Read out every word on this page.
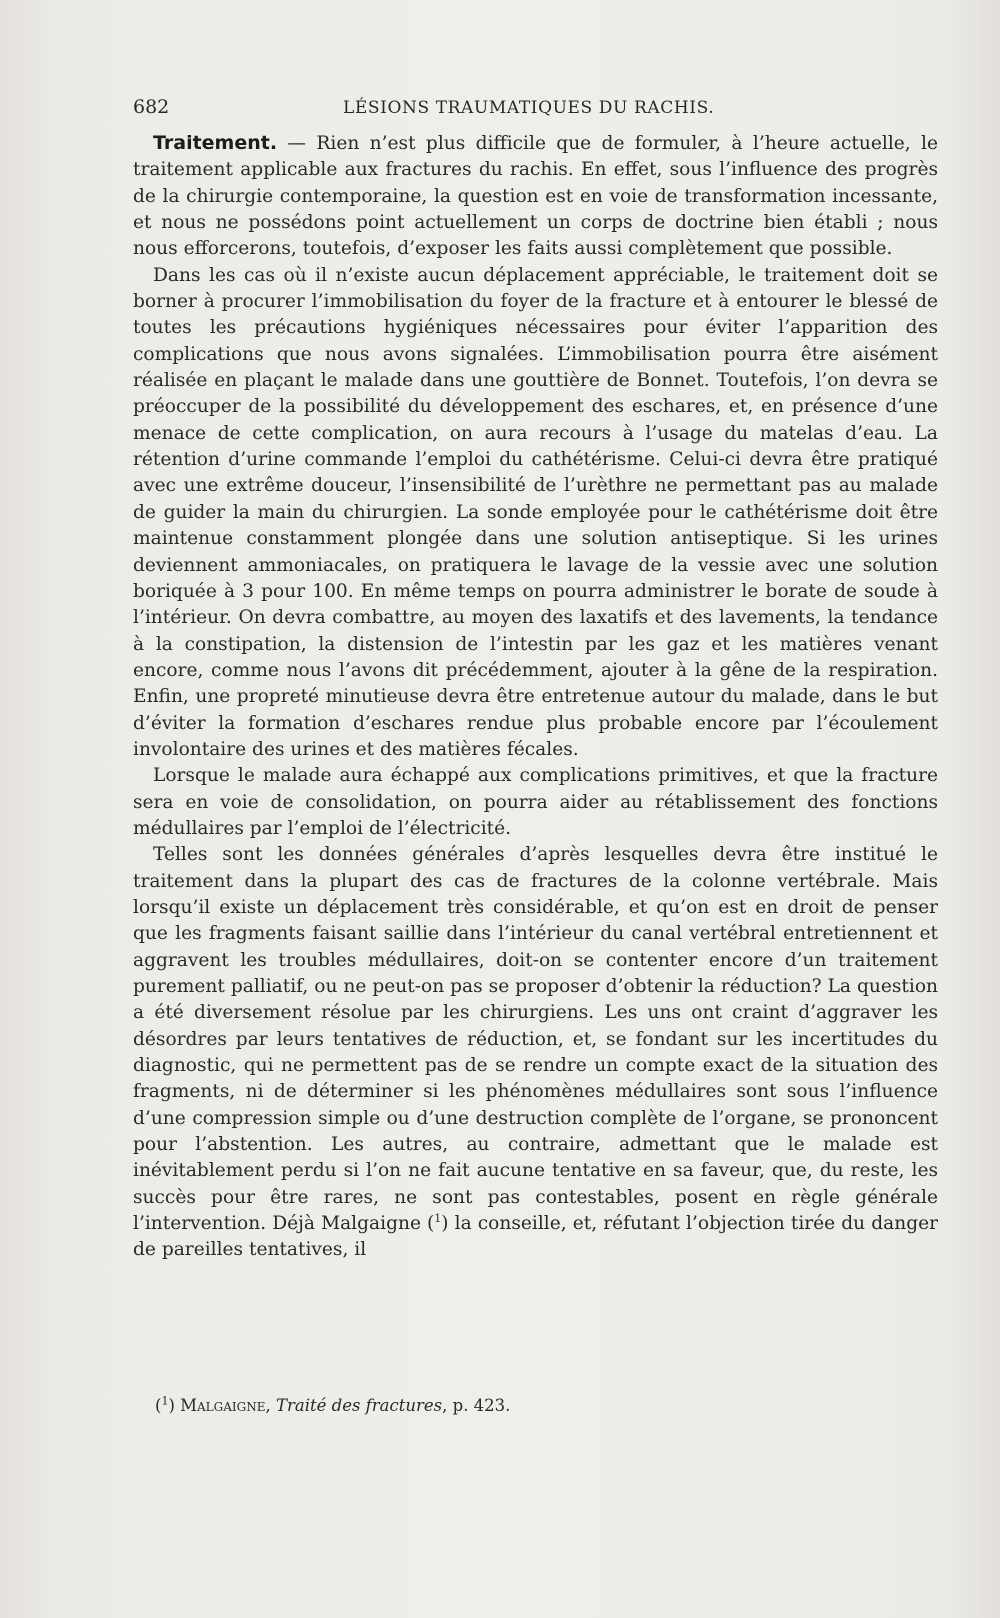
682	LÉSIONS TRAUMATIQUES DU RACHIS.

Traitement. — Rien n’est plus difficile que de formuler, à l’heure actuelle, le traitement applicable aux fractures du rachis. En effet, sous l’influence des progrès de la chirurgie contemporaine, la question est en voie de transformation incessante, et nous ne possédons point actuellement un corps de doctrine bien établi ; nous nous efforcerons, toutefois, d’exposer les faits aussi complètement que possible.

Dans les cas où il n’existe aucun déplacement appréciable, le traitement doit se borner à procurer l’immobilisation du foyer de la fracture et à entourer le blessé de toutes les précautions hygiéniques nécessaires pour éviter l’apparition des complications que nous avons signalées. L’immobilisation pourra être aisément réalisée en plaçant le malade dans une gouttière de Bonnet. Toutefois, l’on devra se préoccuper de la possibilité du développement des eschares, et, en présence d’une menace de cette complication, on aura recours à l’usage du matelas d’eau. La rétention d’urine commande l’emploi du cathétérisme. Celui-ci devra être pratiqué avec une extrême douceur, l’insensibilité de l’urèthre ne permettant pas au malade de guider la main du chirurgien. La sonde employée pour le cathétérisme doit être maintenue constamment plongée dans une solution antiseptique. Si les urines deviennent ammoniacales, on pratiquera le lavage de la vessie avec une solution boriquée à 3 pour 100. En même temps on pourra administrer le borate de soude à l’intérieur. On devra combattre, au moyen des laxatifs et des lavements, la tendance à la constipation, la distension de l’intestin par les gaz et les matières venant encore, comme nous l’avons dit précédemment, ajouter à la gêne de la respiration. Enfin, une propreté minutieuse devra être entretenue autour du malade, dans le but d’éviter la formation d’eschares rendue plus probable encore par l’écoulement involontaire des urines et des matières fécales.

Lorsque le malade aura échappé aux complications primitives, et que la fracture sera en voie de consolidation, on pourra aider au rétablissement des fonctions médullaires par l’emploi de l’électricité.

Telles sont les données générales d’après lesquelles devra être institué le traitement dans la plupart des cas de fractures de la colonne vertébrale. Mais lorsqu’il existe un déplacement très considérable, et qu’on est en droit de penser que les fragments faisant saillie dans l’intérieur du canal vertébral entretiennent et aggravent les troubles médullaires, doit-on se contenter encore d’un traitement purement palliatif, ou ne peut-on pas se proposer d’obtenir la réduction? La question a été diversement résolue par les chirurgiens. Les uns ont craint d’aggraver les désordres par leurs tentatives de réduction, et, se fondant sur les incertitudes du diagnostic, qui ne permettent pas de se rendre un compte exact de la situation des fragments, ni de déterminer si les phénomènes médullaires sont sous l’influence d’une compression simple ou d’une destruction complète de l’organe, se prononcent pour l’abstention. Les autres, au contraire, admettant que le malade est inévitablement perdu si l’on ne fait aucune tentative en sa faveur, que, du reste, les succès pour être rares, ne sont pas contestables, posent en règle générale l’intervention. Déjà Malgaigne ($^1$) la conseille, et, réfutant l’objection tirée du danger de pareilles tentatives, il

($^1$) Malgaigne, Traité des fractures, p. 423.
